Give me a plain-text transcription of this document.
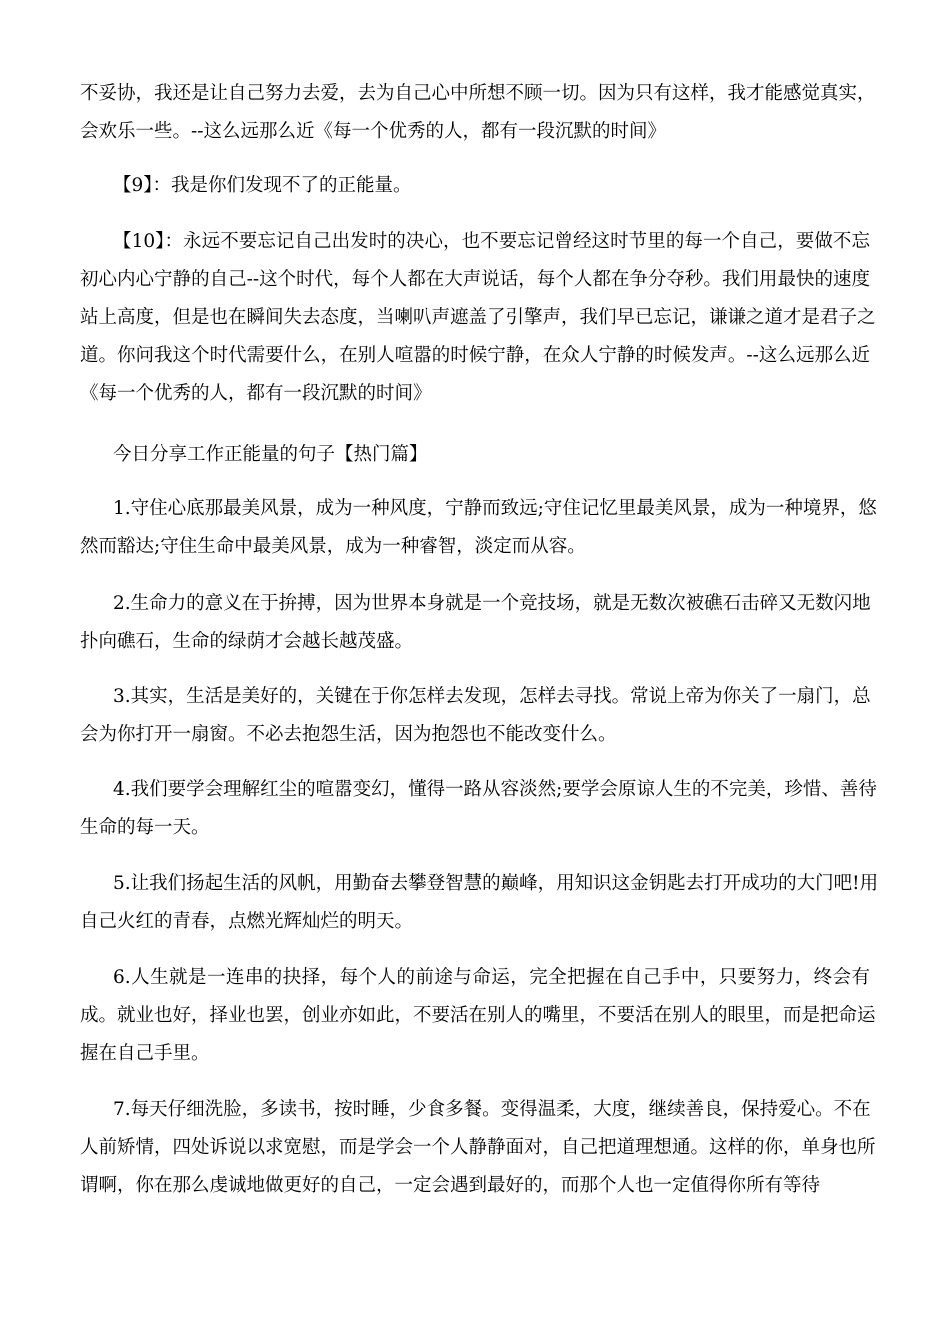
不妥协，我还是让自己努力去爱，去为自己心中所想不顾一切。因为只有这样，我才能感觉真实，
会欢乐一些。--这么远那么近《每一个优秀的人，都有一段沉默的时间》

【9】：我是你们发现不了的正能量。

【10】：永远不要忘记自己出发时的决心，也不要忘记曾经这时节里的每一个自己，要做不忘
初心内心宁静的自己--这个时代，每个人都在大声说话，每个人都在争分夺秒。我们用最快的速度
站上高度，但是也在瞬间失去态度，当喇叭声遮盖了引擎声，我们早已忘记，谦谦之道才是君子之
道。你问我这个时代需要什么，在别人喧嚣的时候宁静，在众人宁静的时候发声。--这么远那么近
《每一个优秀的人，都有一段沉默的时间》

今日分享工作正能量的句子【热门篇】

1.守住心底那最美风景，成为一种风度，宁静而致远;守住记忆里最美风景，成为一种境界，悠
然而豁达;守住生命中最美风景，成为一种睿智，淡定而从容。

2.生命力的意义在于拚搏，因为世界本身就是一个竞技场，就是无数次被礁石击碎又无数闪地
扑向礁石，生命的绿荫才会越长越茂盛。

3.其实，生活是美好的，关键在于你怎样去发现，怎样去寻找。常说上帝为你关了一扇门，总
会为你打开一扇窗。不必去抱怨生活，因为抱怨也不能改变什么。

4.我们要学会理解红尘的喧嚣变幻，懂得一路从容淡然;要学会原谅人生的不完美，珍惜、善待
生命的每一天。

5.让我们扬起生活的风帆，用勤奋去攀登智慧的巅峰，用知识这金钥匙去打开成功的大门吧!用
自己火红的青春，点燃光辉灿烂的明天。

6.人生就是一连串的抉择，每个人的前途与命运，完全把握在自己手中，只要努力，终会有
成。就业也好，择业也罢，创业亦如此，不要活在别人的嘴里，不要活在别人的眼里，而是把命运
握在自己手里。

7.每天仔细洗脸，多读书，按时睡，少食多餐。变得温柔，大度，继续善良，保持爱心。不在
人前矫情，四处诉说以求宽慰，而是学会一个人静静面对，自己把道理想通。这样的你，单身也所
谓啊，你在那么虔诚地做更好的自己，一定会遇到最好的，而那个人也一定值得你所有等待
